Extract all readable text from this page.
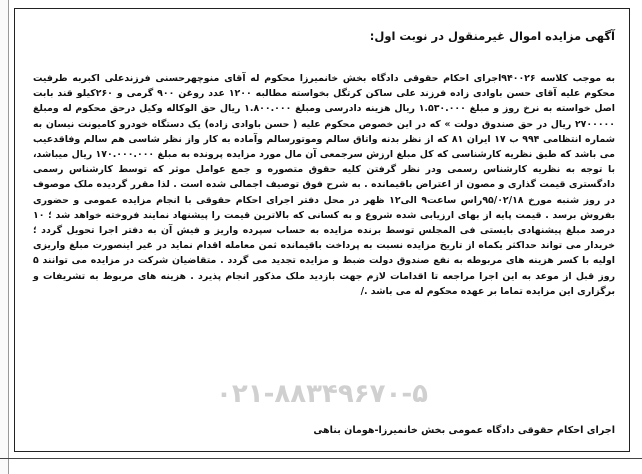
آگهی مزایده اموال غیرمنقول در نوبت اول:

به موجب کلاسه ۹۴۰۰۲۶اجرای احکام حقوقی دادگاه بخش خانمیرزا محکوم له آقای منوچهرحسنی فرزندعلی اکبربه طرفیت محکوم علیه آقای حسن باوادی زاده فرزند علی ساکن کرتگل بخواسته مطالبه ۱۲۰۰ عدد روغن ۹۰۰ گرمی و ۲۶۰کیلو قند بابت اصل خواسته به نرخ روز و مبلغ ۱.۵۳۰.۰۰۰ ریال هزینه دادرسی ومبلغ ۱.۸۰۰.۰۰۰ ریال حق الوکاله وکیل درحق محکوم له ومبلغ ۲۷۰۰۰۰۰ ریال در حق صندوق دولت » که در این خصوص محکوم علیه ( حسن باوادی زاده) یک دستگاه خودرو کامیونت نیسان به شماره انتظامی ۹۹۴ ب ۱۷ ایران ۸۱ که از نظر بدنه واتاق سالم وموتورسالم وآماده به کار واز نظر شاسی هم سالم وفاقدعیب می باشد که طبق نظریه کارشناسی که کل مبلغ ارزش سرجمعی آن مال مورد مزایده پرونده به مبلغ ۱۷۰.۰۰۰.۰۰۰ ریال میباشد، با توجه به نظریه کارشناس رسمی ودر نظر گرفتن کلیه حقوق متصوره و جمع عوامل موثر که توسط کارشناس رسمی دادگستری قیمت گذاری و مصون از اعتراض باقیمانده . به شرح فوق توصیف اجمالی شده است . لذا مقرر گردیده ملک موصوف در روز شنبه مورخ ۹۵/۰۲/۱۸راس ساعت۹ الی۱۲ ظهر در محل دفتر اجرای احکام حقوقی با انجام مزایده عمومی و حضوری بفروش برسد . قیمت پایه از بهای ارزیابی شده شروع و به کسانی که بالاترین قیمت را پیشنهاد نمایند فروخته خواهد شد ؛ ۱۰ درصد مبلغ پیشنهادی بایستی فی المجلس توسط برنده مزایده به حساب سپرده واریز و فیش آن به دفتر اجرا تحویل گردد ؛ خریدار می تواند حداکثر یکماه از تاریخ مزایده نسبت به پرداخت باقیمانده ثمن معامله اقدام نماید در غیر اینصورت مبلغ واریزی اولیه با کسر هزینه های مربوطه به نفع صندوق دولت ضبط و مزایده تجدید می گردد . متقاضیان شرکت در مزایده می توانند ۵ روز قبل از موعد به این اجرا مراجعه تا اقدامات لازم جهت بازدید ملک مذکور انجام پذیرد . هزینه های مربوط به تشریفات و برگزاری این مزایده تماما بر عهده محکوم له می باشد ./

۰۲۱-۸۸۳۴۹۶۷۰-۵

اجرای احکام حقوقی دادگاه عمومی بخش خانمیرزا-هومان بناهی
